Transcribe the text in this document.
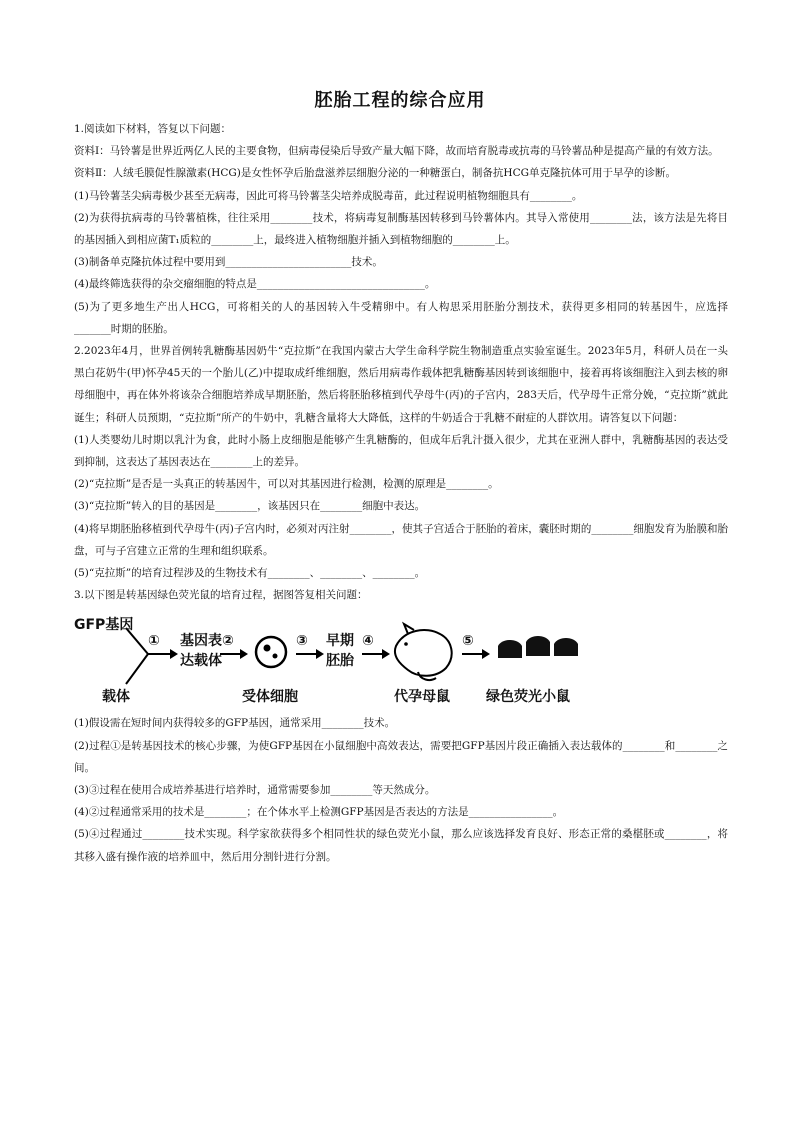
胚胎工程的综合应用

1.阅读如下材料，答复以下问题：

资料Ⅰ：马铃薯是世界近两亿人民的主要食物，但病毒侵染后导致产量大幅下降，故而培育脱毒或抗毒的马铃薯品种是提高产量的有效方法。

资料Ⅱ：人绒毛膜促性腺激素(HCG)是女性怀孕后胎盘滋养层细胞分泌的一种糖蛋白，制备抗HCG单克隆抗体可用于早孕的诊断。

(1)马铃薯茎尖病毒极少甚至无病毒，因此可将马铃薯茎尖培养成脱毒苗，此过程说明植物细胞具有________。

(2)为获得抗病毒的马铃薯植株，往往采用________技术，将病毒复制酶基因转移到马铃薯体内。其导入常使用________法，该方法是先将目的基因插入到相应菌T₁质粒的________上，最终进入植物细胞并插入到植物细胞的________上。

(3)制备单克隆抗体过程中要用到________________________技术。

(4)最终筛选获得的杂交瘤细胞的特点是________________________________。

(5)为了更多地生产出人HCG，可将相关的人的基因转入牛受精卵中。有人构思采用胚胎分割技术，获得更多相同的转基因牛，应选择_______时期的胚胎。

2.2023年4月，世界首例转乳糖酶基因奶牛“克拉斯”在我国内蒙古大学生命科学院生物制造重点实验室诞生。2023年5月，科研人员在一头黑白花奶牛(甲)怀孕45天的一个胎儿(乙)中提取成纤维细胞，然后用病毒作载体把乳糖酶基因转到该细胞中，接着再将该细胞注入到去核的卵母细胞中，再在体外将该杂合细胞培养成早期胚胎，然后将胚胎移植到代孕母牛(丙)的子宫内，283天后，代孕母牛正常分娩，“克拉斯”就此诞生；科研人员预期，“克拉斯”所产的牛奶中，乳糖含量将大大降低，这样的牛奶适合于乳糖不耐症的人群饮用。请答复以下问题：

(1)人类婴幼儿时期以乳汁为食，此时小肠上皮细胞是能够产生乳糖酶的，但成年后乳汁摄入很少，尤其在亚洲人群中，乳糖酶基因的表达受到抑制，这表达了基因表达在________上的差异。

(2)“克拉斯”是否是一头真正的转基因牛，可以对其基因进行检测，检测的原理是________。

(3)“克拉斯”转入的目的基因是________，该基因只在________细胞中表达。

(4)将早期胚胎移植到代孕母牛(丙)子宫内时，必须对丙注射________，使其子宫适合于胚胎的着床，囊胚时期的________细胞发育为胎膜和胎盘，可与子宫建立正常的生理和组织联系。

(5)“克拉斯”的培育过程涉及的生物技术有________、________、________。

3.以下图是转基因绿色荧光鼠的培育过程，据图答复相关问题：

GFP基因
载体
① 基因表
达载体
②
受体细胞
③ 早期
胚胎
④
代孕母鼠
⑤
绿色荧光小鼠

(1)假设需在短时间内获得较多的GFP基因，通常采用________技术。

(2)过程①是转基因技术的核心步骤，为使GFP基因在小鼠细胞中高效表达，需要把GFP基因片段正确插入表达载体的________和________之间。

(3)③过程在使用合成培养基进行培养时，通常需要参加________等天然成分。

(4)②过程通常采用的技术是________；在个体水平上检测GFP基因是否表达的方法是________________。

(5)④过程通过________技术实现。科学家欲获得多个相同性状的绿色荧光小鼠，那么应该选择发育良好、形态正常的桑椹胚或________，将其移入盛有操作液的培养皿中，然后用分割针进行分割。
